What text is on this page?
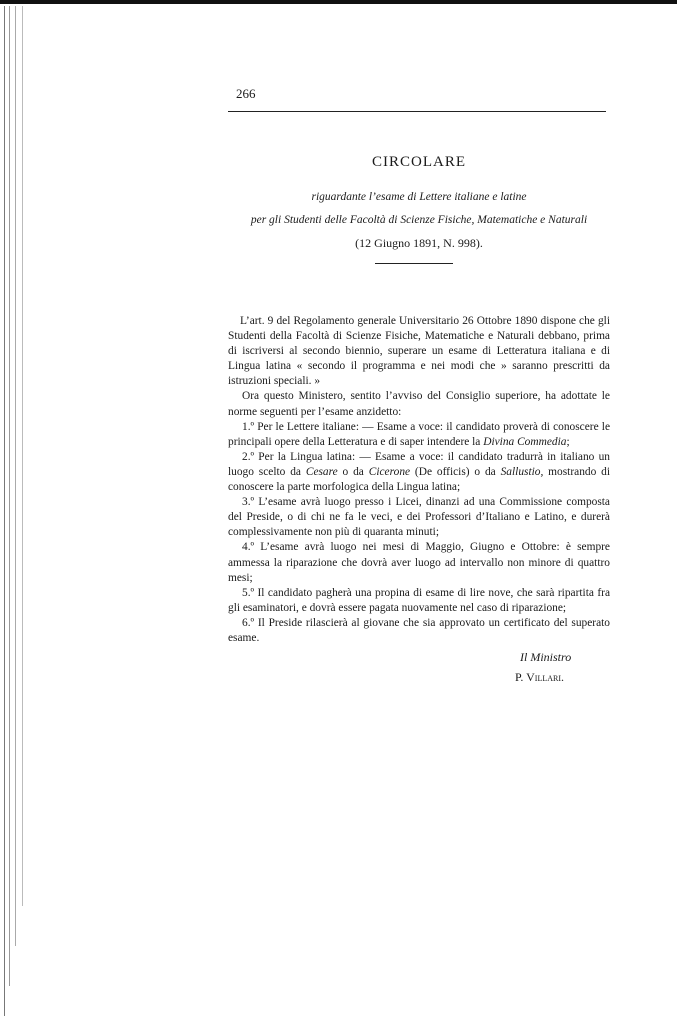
266
CIRCOLARE
riguardante l’esame di Lettere italiane e latine
per gli Studenti delle Facoltà di Scienze Fisiche, Matematiche e Naturali
(12 Giugno 1891, N. 998).

L’art. 9 del Regolamento generale Universitario 26 Ottobre 1890 dispone che gli Studenti della Facoltà di Scienze Fisiche, Matematiche e Naturali debbano, prima di iscriversi al secondo biennio, superare un esame di Letteratura italiana e di Lingua latina « secondo il programma e nei modi che » saranno prescritti da istruzioni speciali. »

Ora questo Ministero, sentito l’avviso del Consiglio superiore, ha adottate le norme seguenti per l’esame anzidetto:

1.º Per le Lettere italiane: — Esame a voce: il candidato proverà di conoscere le principali opere della Letteratura e di saper intendere la Divina Commedia;

2.º Per la Lingua latina: — Esame a voce: il candidato tradurrà in italiano un luogo scelto da Cesare o da Cicerone (De officis) o da Sallustio, mostrando di conoscere la parte morfologica della Lingua latina;

3.º L’esame avrà luogo presso i Licei, dinanzi ad una Commissione composta del Preside, o di chi ne fa le veci, e dei Professori d’Italiano e Latino, e durerà complessivamente non più di quaranta minuti;

4.º L’esame avrà luogo nei mesi di Maggio, Giugno e Ottobre: è sempre ammessa la riparazione che dovrà aver luogo ad intervallo non minore di quattro mesi;

5.º Il candidato pagherà una propina di esame di lire nove, che sarà ripartita fra gli esaminatori, e dovrà essere pagata nuovamente nel caso di riparazione;

6.º Il Preside rilascierà al giovane che sia approvato un certificato del superato esame.

Il Ministro
P. Villari.
